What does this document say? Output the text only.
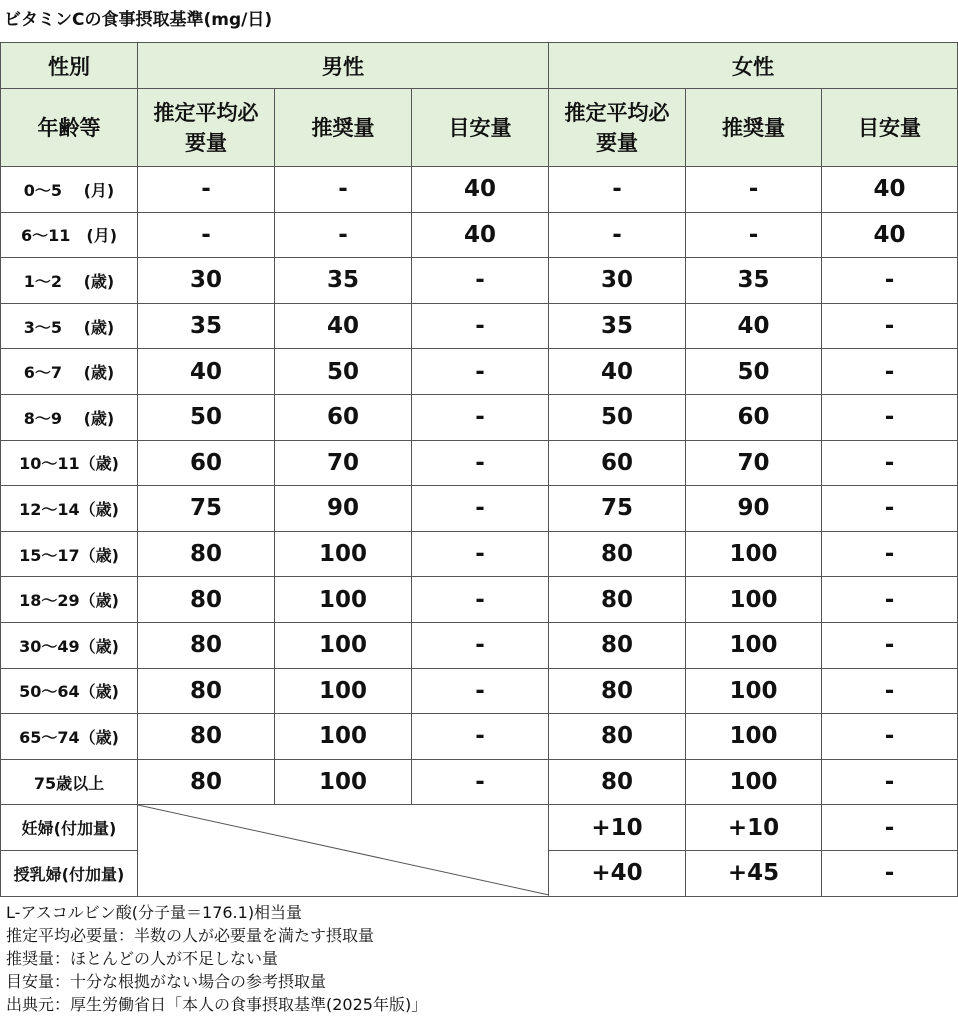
ビタミンCの食事摂取基準(mg/日)
性別	男性			女性		
年齢等	推定平均必要量	推奨量	目安量	推定平均必要量	推奨量	目安量
0～5　 (月)	-	-	40	-	-	40
6～11　(月)	-	-	40	-	-	40
1～2　 (歳)	30	35	-	30	35	-
3～5　 (歳)	35	40	-	35	40	-
6～7　 (歳)	40	50	-	40	50	-
8～9　 (歳)	50	60	-	50	60	-
10～11（歳)	60	70	-	60	70	-
12～14（歳)	75	90	-	75	90	-
15～17（歳)	80	100	-	80	100	-
18～29（歳)	80	100	-	80	100	-
30～49（歳)	80	100	-	80	100	-
50～64（歳)	80	100	-	80	100	-
65～74（歳)	80	100	-	80	100	-
75歳以上	80	100	-	80	100	-
妊婦(付加量)				+10	+10	-
授乳婦(付加量)				+40	+45	-
L-アスコルビン酸(分子量＝176.1)相当量
推定平均必要量：半数の人が必要量を満たす摂取量
推奨量：ほとんどの人が不足しない量
目安量：十分な根拠がない場合の参考摂取量
出典元：厚生労働省日「本人の食事摂取基準(2025年版)」
